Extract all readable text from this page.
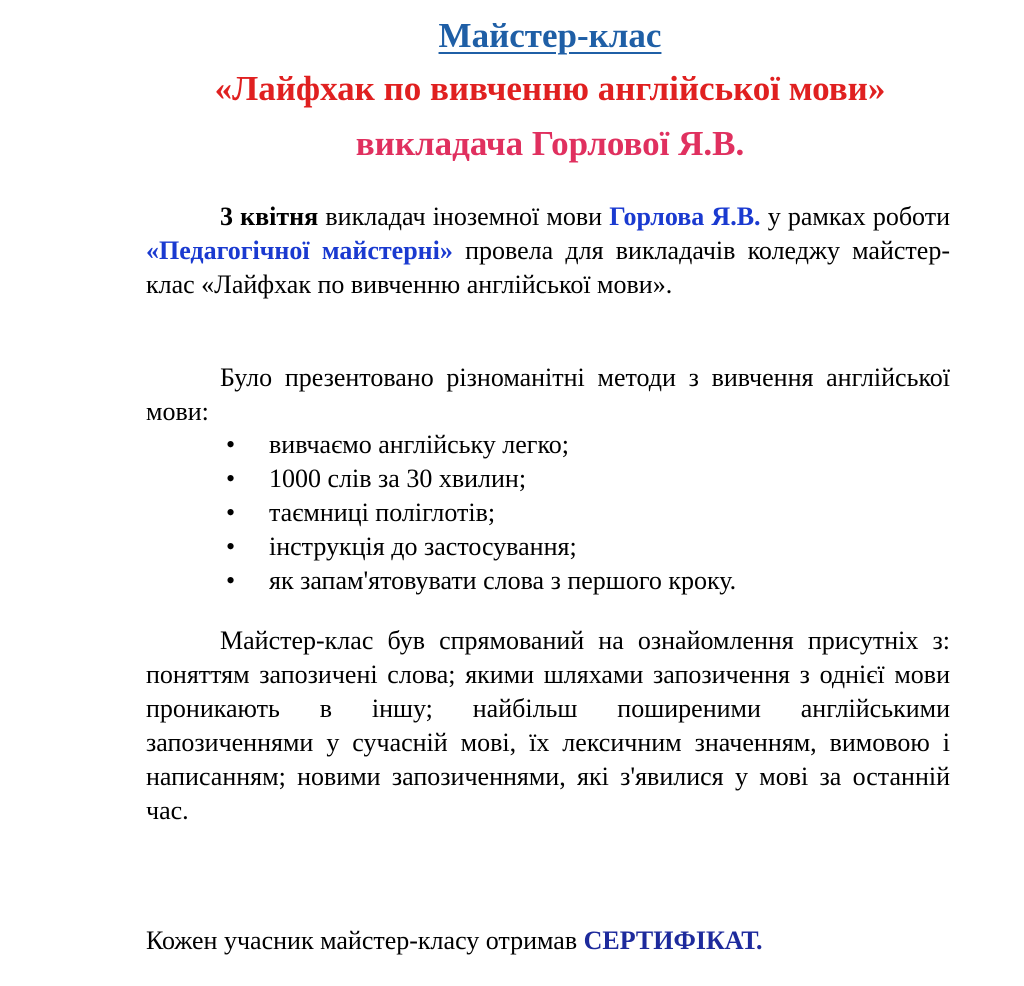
Майстер-клас
«Лайфхак по вивченню англійської мови»
викладача Горлової Я.В.

3 квітня викладач іноземної мови Горлова Я.В. у рамках роботи «Педагогічної майстерні» провела для викладачів коледжу майстер-клас «Лайфхак по вивченню англійської мови».

Було презентовано різноманітні методи з вивчення англійської мови:

• вивчаємо англійську легко;
• 1000 слів за 30 хвилин;
• таємниці поліглотів;
• інструкція до застосування;
• як запам'ятовувати слова з першого кроку.

Майстер-клас був спрямований на ознайомлення присутніх з: поняттям запозичені слова; якими шляхами запозичення з однієї мови проникають в іншу; найбільш поширеними англійськими запозиченнями у сучасній мові, їх лексичним значенням, вимовою і написанням; новими запозиченнями, які з'явилися у мові за останній час.

Кожен учасник майстер-класу отримав СЕРТИФІКАТ.
